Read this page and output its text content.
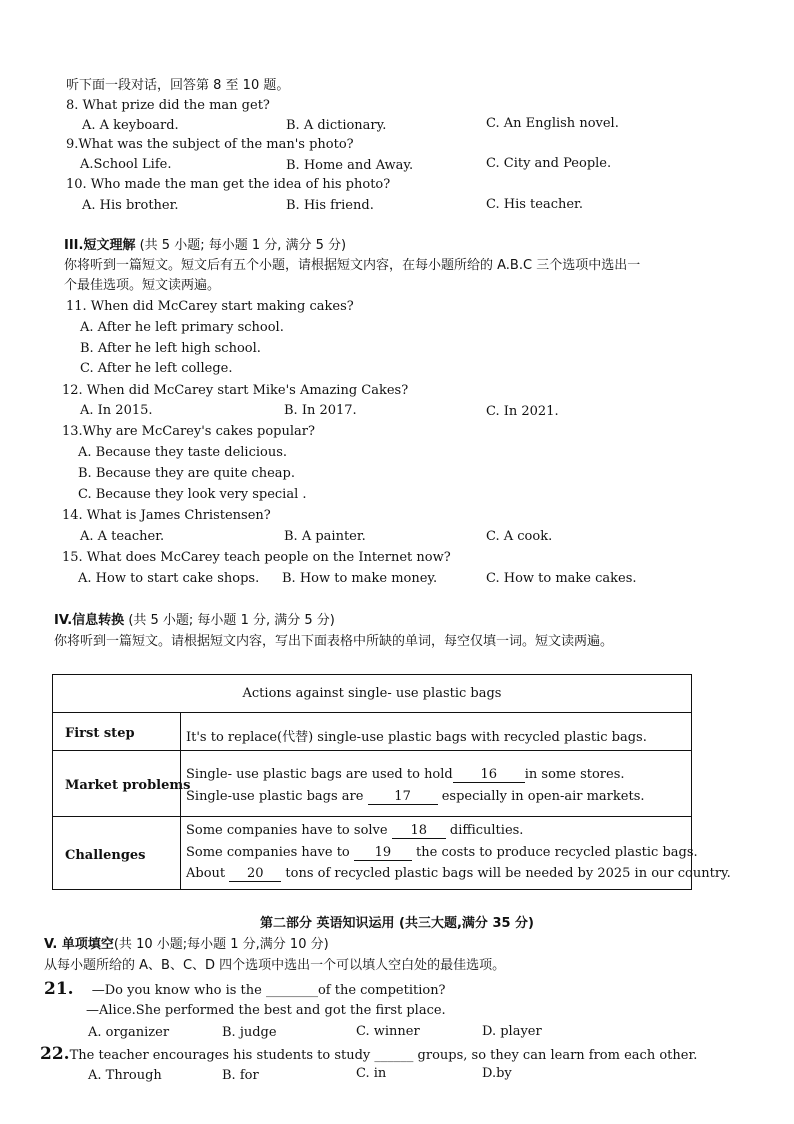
听下面一段对话，回答第 8 至 10 题。
8. What prize did the man get?
A. A keyboard.	B. A dictionary.	C. An English novel.
9.What was the subject of the man's photo?
A.School Life.	B. Home and Away.	C. City and People.
10. Who made the man get the idea of his photo?
A. His brother.	B. His friend.	C. His teacher.
III.短文理解 (共 5 小题; 每小题 1 分, 满分 5 分)
你将听到一篇短文。短文后有五个小题，请根据短文内容，在每小题所给的 A.B.C 三个选项中选出一
个最佳选项。短文读两遍。
11. When did McCarey start making cakes?
A. After he left primary school.
B. After he left high school.
C. After he left college.
12. When did McCarey start Mike's Amazing Cakes?
A. In 2015.	B. In 2017.	C. In 2021.
13.Why are McCarey's cakes popular?
A. Because they taste delicious.
B. Because they are quite cheap.
C. Because they look very special .
14. What is James Christensen?
A. A teacher.	B. A painter.	C. A cook.
15. What does McCarey teach people on the Internet now?
A. How to start cake shops. B. How to make money.	C. How to make cakes.
IV.信息转换 (共 5 小题; 每小题 1 分, 满分 5 分)
你将听到一篇短文。请根据短文内容，写出下面表格中所缺的单词，每空仅填一词。短文读两遍。
Actions against single- use plastic bags
First step	It's to replace(代替) single-use plastic bags with recycled plastic bags.
Market problems
Single- use plastic bags are used to hold 16 in some stores.
Single-use plastic bags are 17 especially in open-air markets.
Challenges
Some companies have to solve 18 difficulties.
Some companies have to 19 the costs to produce recycled plastic bags.
About 20 tons of recycled plastic bags will be needed by 2025 in our country.
第二部分 英语知识运用 (共三大题,满分 35 分)
V. 单项填空(共 10 小题;每小题 1 分,满分 10 分)
从每小题所给的 A、B、C、D 四个选项中选出一个可以填人空白处的最佳选项。
21. —Do you know who is the ________of the competition?
—Alice.She performed the best and got the first place.
A. organizer	B. judge	C. winner	D. player
22.The teacher encourages his students to study ______ groups, so they can learn from each other.
A. Through	B. for	C. in	D.by
